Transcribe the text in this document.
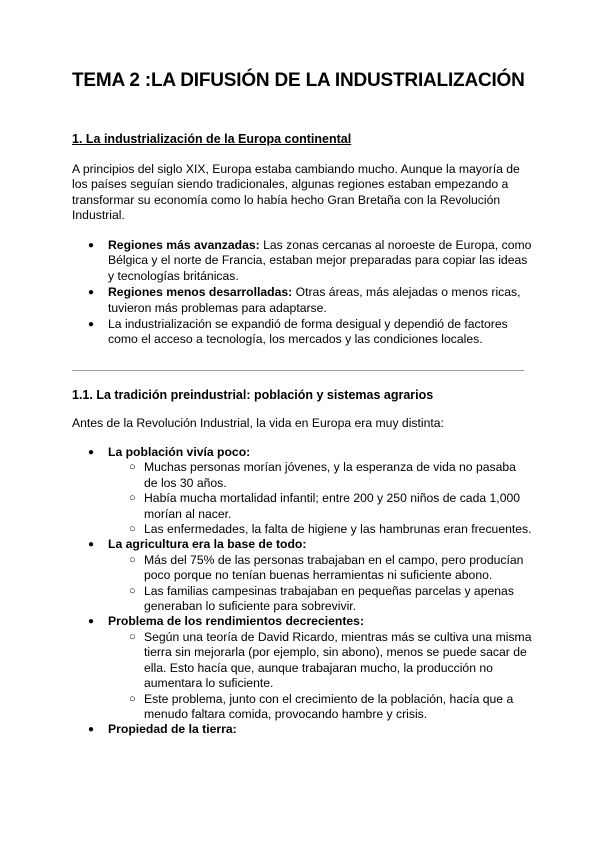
TEMA 2 :LA DIFUSIÓN DE LA INDUSTRIALIZACIÓN
1. La industrialización de la Europa continental

A principios del siglo XIX, Europa estaba cambiando mucho. Aunque la mayoría de los países seguían siendo tradicionales, algunas regiones estaban empezando a transformar su economía como lo había hecho Gran Bretaña con la Revolución Industrial.

● Regiones más avanzadas: Las zonas cercanas al noroeste de Europa, como Bélgica y el norte de Francia, estaban mejor preparadas para copiar las ideas y tecnologías británicas.
● Regiones menos desarrolladas: Otras áreas, más alejadas o menos ricas, tuvieron más problemas para adaptarse.
● La industrialización se expandió de forma desigual y dependió de factores como el acceso a tecnología, los mercados y las condiciones locales.
1.1. La tradición preindustrial: población y sistemas agrarios

Antes de la Revolución Industrial, la vida en Europa era muy distinta:

● La población vivía poco:
○ Muchas personas morían jóvenes, y la esperanza de vida no pasaba de los 30 años.
○ Había mucha mortalidad infantil; entre 200 y 250 niños de cada 1,000 morían al nacer.
○ Las enfermedades, la falta de higiene y las hambrunas eran frecuentes.
● La agricultura era la base de todo:
○ Más del 75% de las personas trabajaban en el campo, pero producían poco porque no tenían buenas herramientas ni suficiente abono.
○ Las familias campesinas trabajaban en pequeñas parcelas y apenas generaban lo suficiente para sobrevivir.
● Problema de los rendimientos decrecientes:
○ Según una teoría de David Ricardo, mientras más se cultiva una misma tierra sin mejorarla (por ejemplo, sin abono), menos se puede sacar de ella. Esto hacía que, aunque trabajaran mucho, la producción no aumentara lo suficiente.
○ Este problema, junto con el crecimiento de la población, hacía que a menudo faltara comida, provocando hambre y crisis.
● Propiedad de la tierra:
